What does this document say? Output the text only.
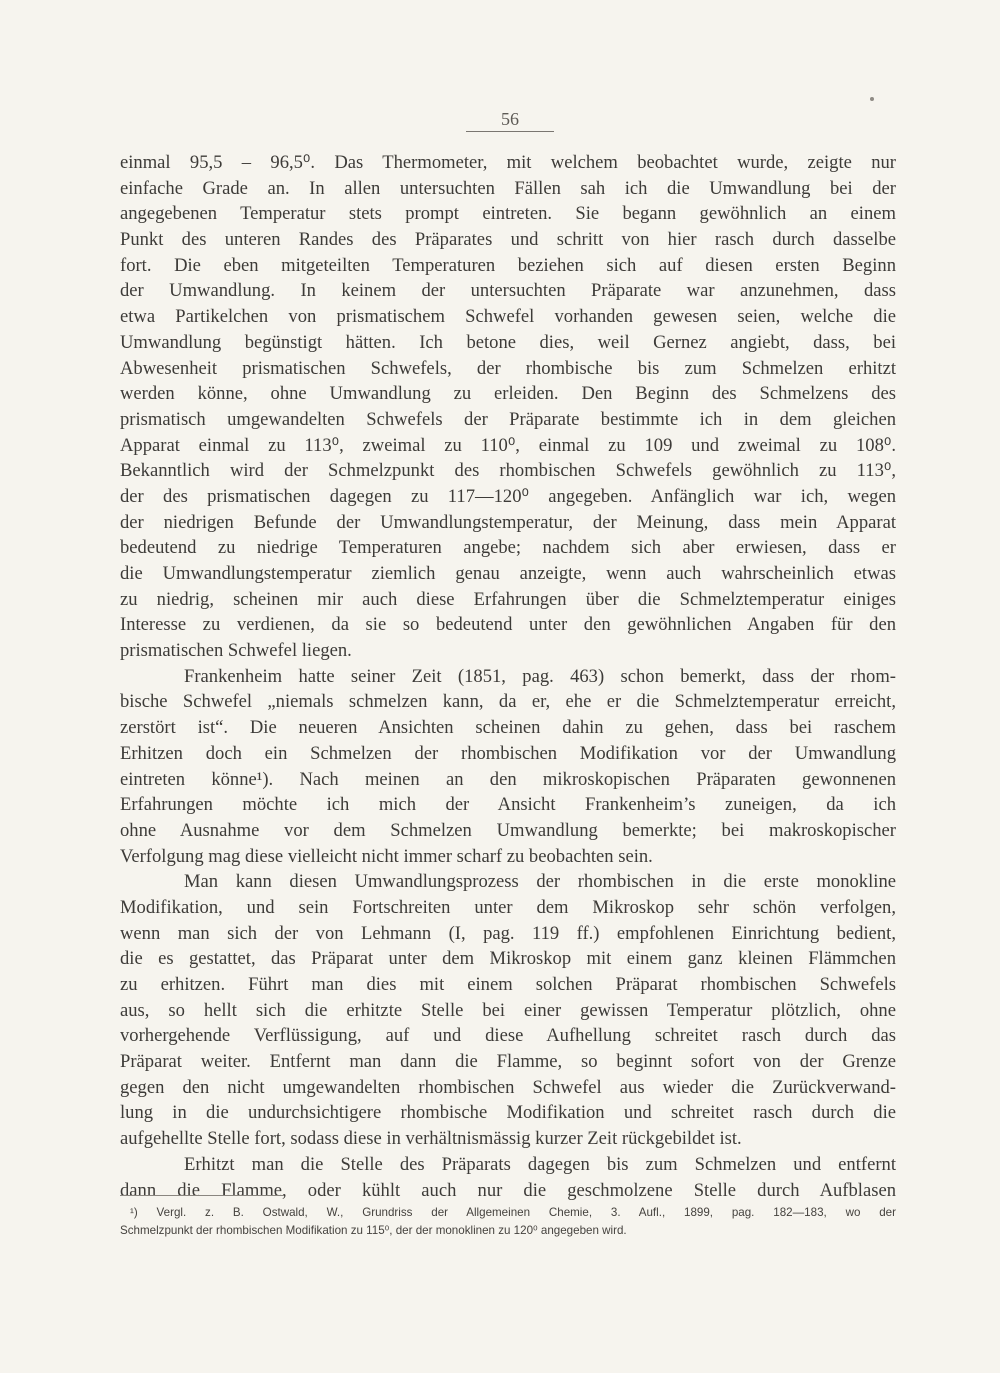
56
einmal 95,5 – 96,5⁰. Das Thermometer, mit welchem beobachtet wurde, zeigte nur
einfache Grade an. In allen untersuchten Fällen sah ich die Umwandlung bei der
angegebenen Temperatur stets prompt eintreten. Sie begann gewöhnlich an einem
Punkt des unteren Randes des Präparates und schritt von hier rasch durch dasselbe
fort. Die eben mitgeteilten Temperaturen beziehen sich auf diesen ersten Beginn
der Umwandlung. In keinem der untersuchten Präparate war anzunehmen, dass
etwa Partikelchen von prismatischem Schwefel vorhanden gewesen seien, welche die
Umwandlung begünstigt hätten. Ich betone dies, weil Gernez angiebt, dass, bei
Abwesenheit prismatischen Schwefels, der rhombische bis zum Schmelzen erhitzt
werden könne, ohne Umwandlung zu erleiden. Den Beginn des Schmelzens des
prismatisch umgewandelten Schwefels der Präparate bestimmte ich in dem gleichen
Apparat einmal zu 113⁰, zweimal zu 110⁰, einmal zu 109 und zweimal zu 108⁰.
Bekanntlich wird der Schmelzpunkt des rhombischen Schwefels gewöhnlich zu 113⁰,
der des prismatischen dagegen zu 117—120⁰ angegeben. Anfänglich war ich, wegen
der niedrigen Befunde der Umwandlungstemperatur, der Meinung, dass mein Apparat
bedeutend zu niedrige Temperaturen angebe; nachdem sich aber erwiesen, dass er
die Umwandlungstemperatur ziemlich genau anzeigte, wenn auch wahrscheinlich etwas
zu niedrig, scheinen mir auch diese Erfahrungen über die Schmelztemperatur einiges
Interesse zu verdienen, da sie so bedeutend unter den gewöhnlichen Angaben für den
prismatischen Schwefel liegen.
Frankenheim hatte seiner Zeit (1851, pag. 463) schon bemerkt, dass der rhom-
bische Schwefel „niemals schmelzen kann, da er, ehe er die Schmelztemperatur erreicht,
zerstört ist“. Die neueren Ansichten scheinen dahin zu gehen, dass bei raschem
Erhitzen doch ein Schmelzen der rhombischen Modifikation vor der Umwandlung
eintreten könne¹). Nach meinen an den mikroskopischen Präparaten gewonnenen
Erfahrungen möchte ich mich der Ansicht Frankenheim’s zuneigen, da ich
ohne Ausnahme vor dem Schmelzen Umwandlung bemerkte; bei makroskopischer
Verfolgung mag diese vielleicht nicht immer scharf zu beobachten sein.
Man kann diesen Umwandlungsprozess der rhombischen in die erste monokline
Modifikation, und sein Fortschreiten unter dem Mikroskop sehr schön verfolgen,
wenn man sich der von Lehmann (I, pag. 119 ff.) empfohlenen Einrichtung bedient,
die es gestattet, das Präparat unter dem Mikroskop mit einem ganz kleinen Flämmchen
zu erhitzen. Führt man dies mit einem solchen Präparat rhombischen Schwefels
aus, so hellt sich die erhitzte Stelle bei einer gewissen Temperatur plötzlich, ohne
vorhergehende Verflüssigung, auf und diese Aufhellung schreitet rasch durch das
Präparat weiter. Entfernt man dann die Flamme, so beginnt sofort von der Grenze
gegen den nicht umgewandelten rhombischen Schwefel aus wieder die Zurückverwand-
lung in die undurchsichtigere rhombische Modifikation und schreitet rasch durch die
aufgehellte Stelle fort, sodass diese in verhältnismässig kurzer Zeit rückgebildet ist.
Erhitzt man die Stelle des Präparats dagegen bis zum Schmelzen und entfernt
dann die Flamme, oder kühlt auch nur die geschmolzene Stelle durch Aufblasen
¹) Vergl. z. B. Ostwald, W., Grundriss der Allgemeinen Chemie, 3. Aufl., 1899, pag. 182—183, wo der
Schmelzpunkt der rhombischen Modifikation zu 115⁰, der der monoklinen zu 120⁰ angegeben wird.
